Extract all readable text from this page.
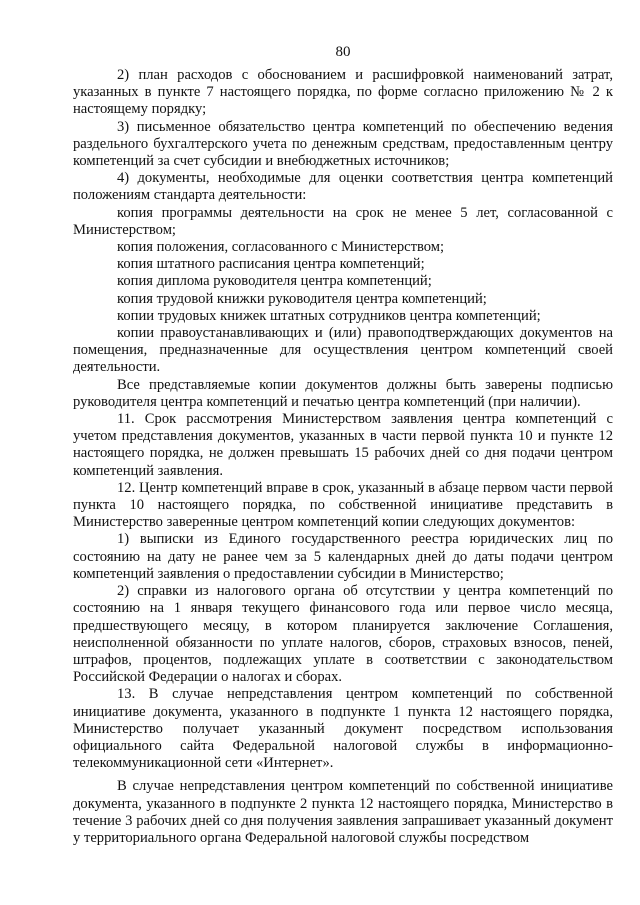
80

2) план расходов с обоснованием и расшифровкой наименований затрат, указанных в пункте 7 настоящего порядка, по форме согласно приложению № 2 к настоящему порядку;

3) письменное обязательство центра компетенций по обеспечению ведения раздельного бухгалтерского учета по денежным средствам, предоставленным центру компетенций за счет субсидии и внебюджетных источников;

4) документы, необходимые для оценки соответствия центра компетенций положениям стандарта деятельности:

копия программы деятельности на срок не менее 5 лет, согласованной с Министерством;

копия положения, согласованного с Министерством;

копия штатного расписания центра компетенций;

копия диплома руководителя центра компетенций;

копия трудовой книжки руководителя центра компетенций;

копии трудовых книжек штатных сотрудников центра компетенций;

копии правоустанавливающих и (или) правоподтверждающих документов на помещения, предназначенные для осуществления центром компетенций своей деятельности.

Все представляемые копии документов должны быть заверены подписью руководителя центра компетенций и печатью центра компетенций (при наличии).

11. Срок рассмотрения Министерством заявления центра компетенций с учетом представления документов, указанных в части первой пункта 10 и пункте 12 настоящего порядка, не должен превышать 15 рабочих дней со дня подачи центром компетенций заявления.

12. Центр компетенций вправе в срок, указанный в абзаце первом части первой пункта 10 настоящего порядка, по собственной инициативе представить в Министерство заверенные центром компетенций копии следующих документов:

1) выписки из Единого государственного реестра юридических лиц по состоянию на дату не ранее чем за 5 календарных дней до даты подачи центром компетенций заявления о предоставлении субсидии в Министерство;

2) справки из налогового органа об отсутствии у центра компетенций по состоянию на 1 января текущего финансового года или первое число месяца, предшествующего месяцу, в котором планируется заключение Соглашения, неисполненной обязанности по уплате налогов, сборов, страховых взносов, пеней, штрафов, процентов, подлежащих уплате в соответствии с законодательством Российской Федерации о налогах и сборах.

13. В случае непредставления центром компетенций по собственной инициативе документа, указанного в подпункте 1 пункта 12 настоящего порядка, Министерство получает указанный документ посредством использования официального сайта Федеральной налоговой службы в информационно-телекоммуникационной сети «Интернет».

В случае непредставления центром компетенций по собственной инициативе документа, указанного в подпункте 2 пункта 12 настоящего порядка, Министерство в течение 3 рабочих дней со дня получения заявления запрашивает указанный документ у территориального органа Федеральной налоговой службы посредством
